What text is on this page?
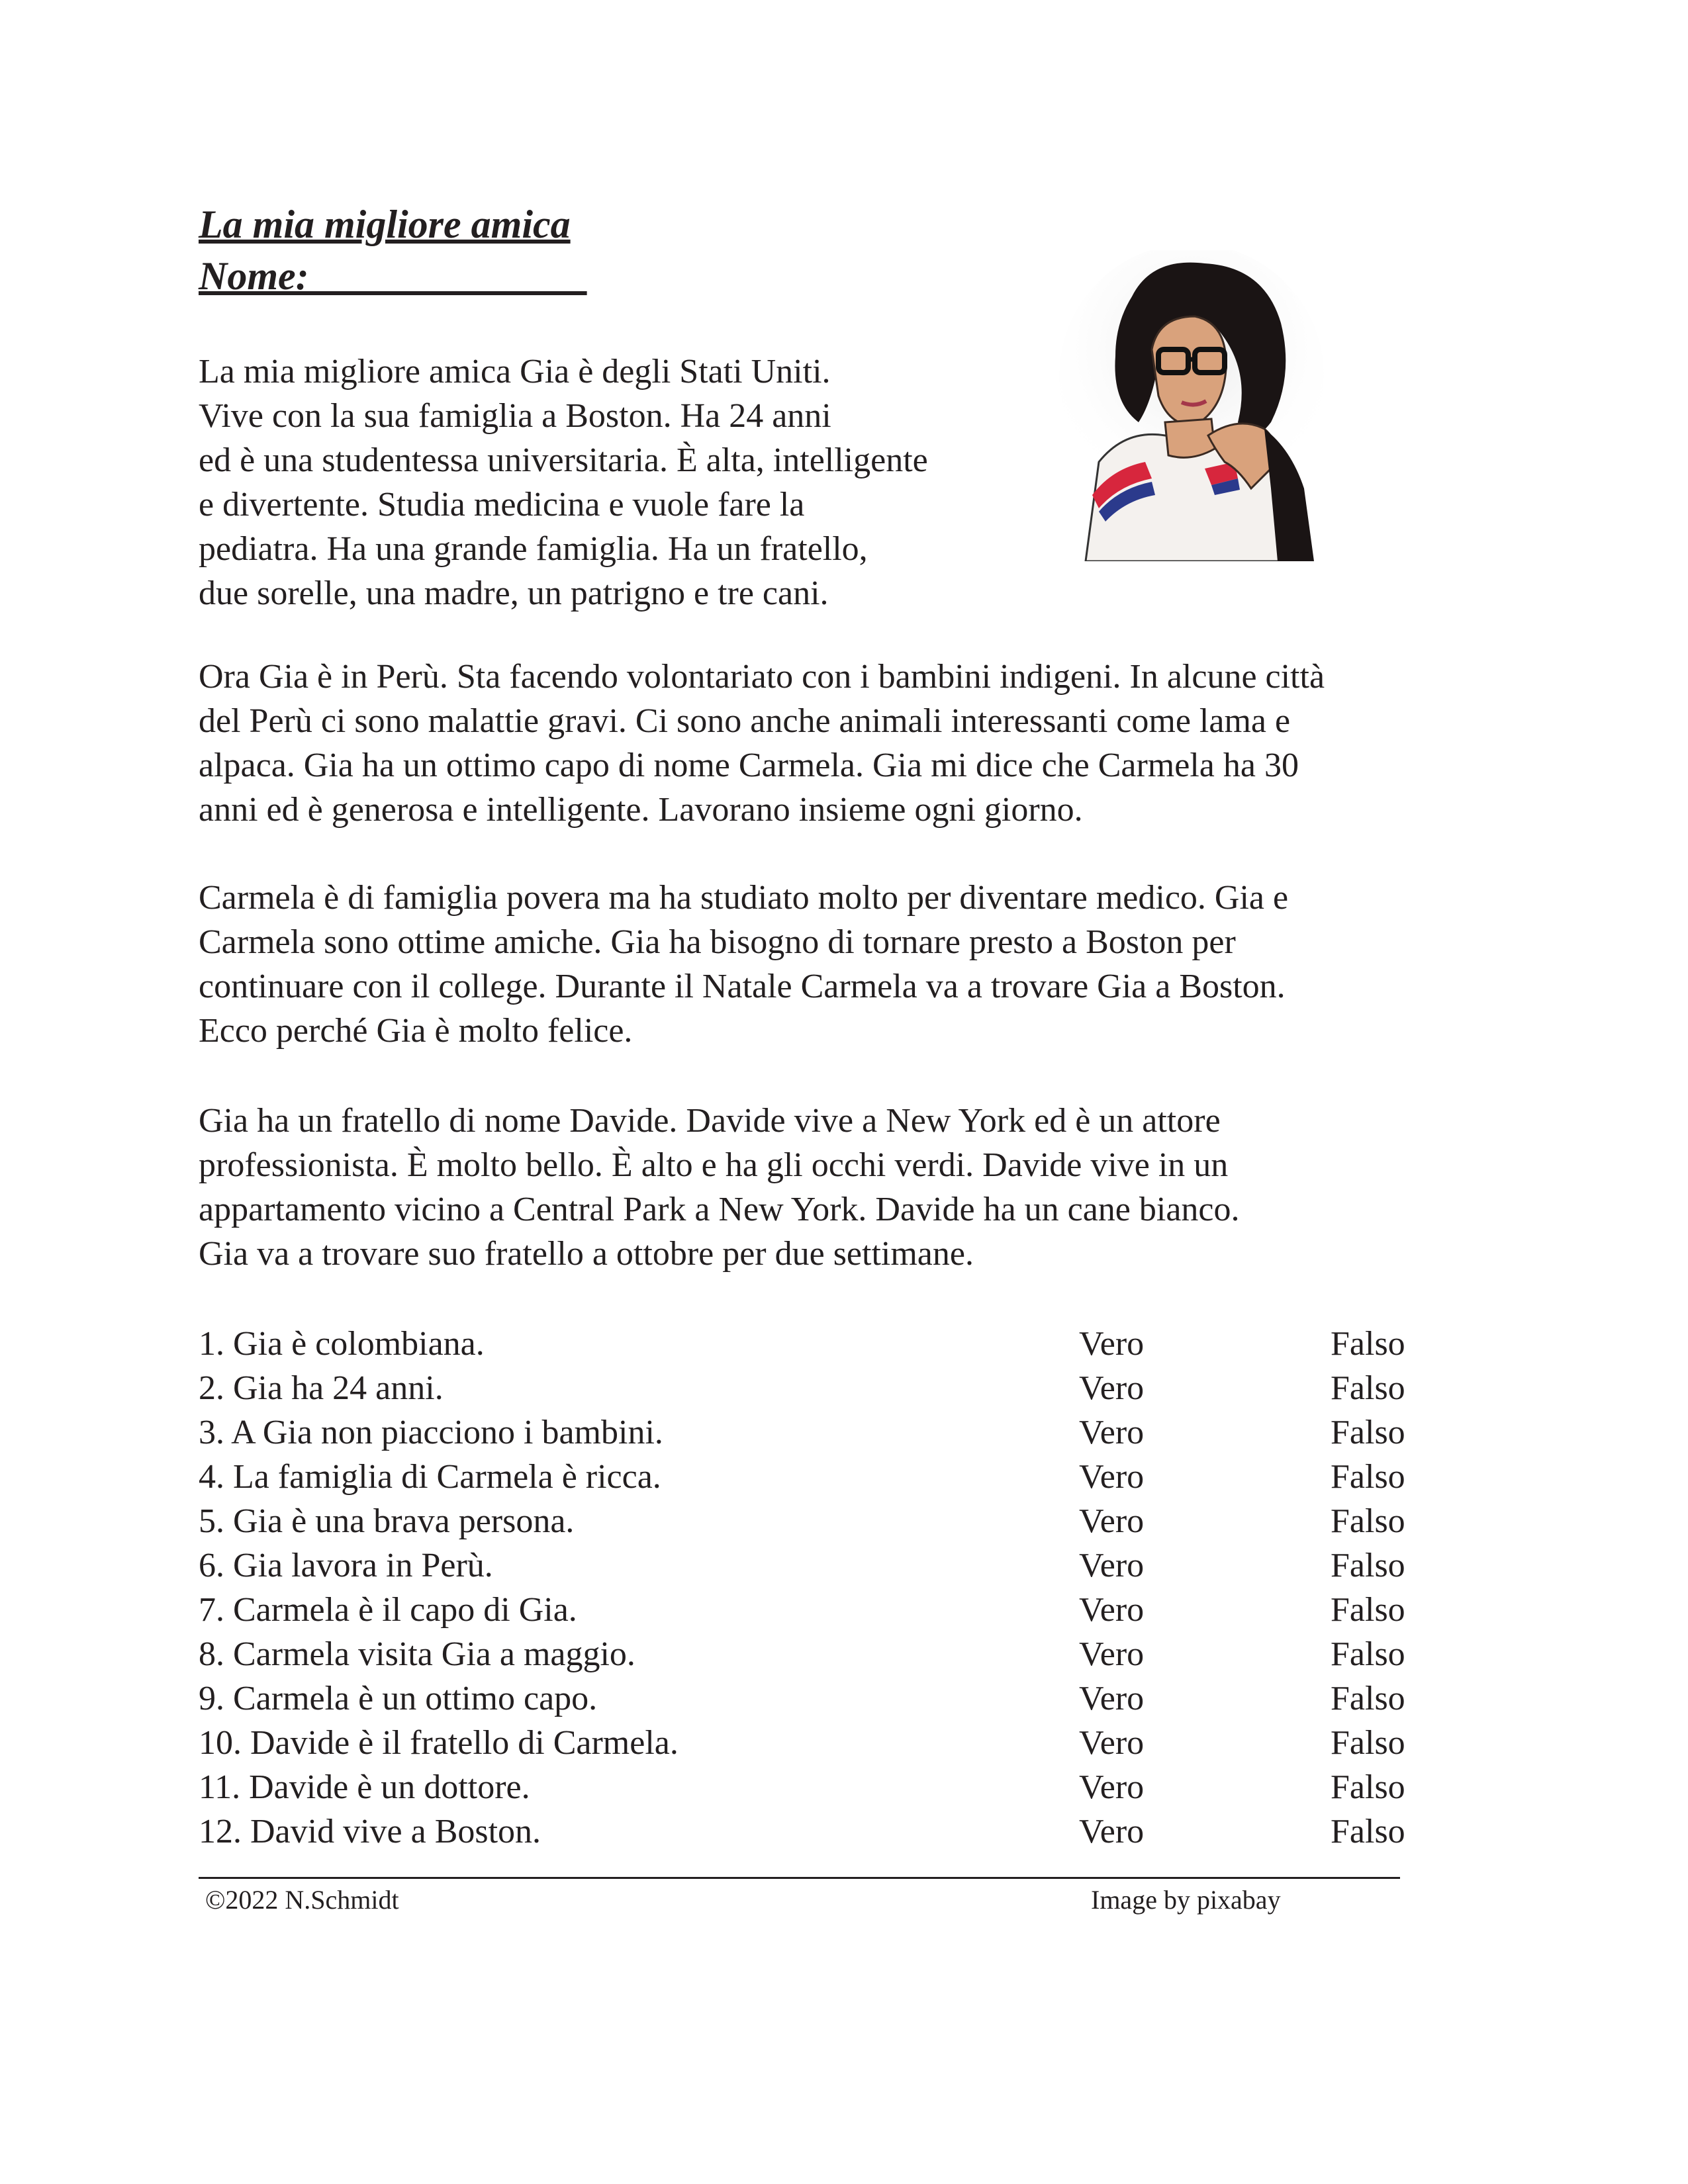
La mia migliore amica
Nome:______________
La mia migliore amica Gia è degli Stati Uniti.
Vive con la sua famiglia a Boston. Ha 24 anni
ed è una studentessa universitaria. È alta, intelligente
e divertente. Studia medicina e vuole fare la
pediatra. Ha una grande famiglia. Ha un fratello,
due sorelle, una madre, un patrigno e tre cani.
Ora Gia è in Perù. Sta facendo volontariato con i bambini indigeni. In alcune città
del Perù ci sono malattie gravi. Ci sono anche animali interessanti come lama e
alpaca. Gia ha un ottimo capo di nome Carmela. Gia mi dice che Carmela ha 30
anni ed è generosa e intelligente. Lavorano insieme ogni giorno.
Carmela è di famiglia povera ma ha studiato molto per diventare medico. Gia e
Carmela sono ottime amiche. Gia ha bisogno di tornare presto a Boston per
continuare con il college. Durante il Natale Carmela va a trovare Gia a Boston.
Ecco perché Gia è molto felice.
Gia ha un fratello di nome Davide. Davide vive a New York ed è un attore
professionista. È molto bello. È alto e ha gli occhi verdi. Davide vive in un
appartamento vicino a Central Park a New York. Davide ha un cane bianco.
Gia va a trovare suo fratello a ottobre per due settimane.
1. Gia è colombiana.	Vero	Falso
2. Gia ha 24 anni.	Vero	Falso
3. A Gia non piacciono i bambini.	Vero	Falso
4. La famiglia di Carmela è ricca.	Vero	Falso
5. Gia è una brava persona.	Vero	Falso
6. Gia lavora in Perù.	Vero	Falso
7. Carmela è il capo di Gia.	Vero	Falso
8. Carmela visita Gia a maggio.	Vero	Falso
9. Carmela è un ottimo capo.	Vero	Falso
10. Davide è il fratello di Carmela.	Vero	Falso
11. Davide è un dottore.	Vero	Falso
12. David vive a Boston.	Vero	Falso
©2022 N.Schmidt	Image by pixabay
